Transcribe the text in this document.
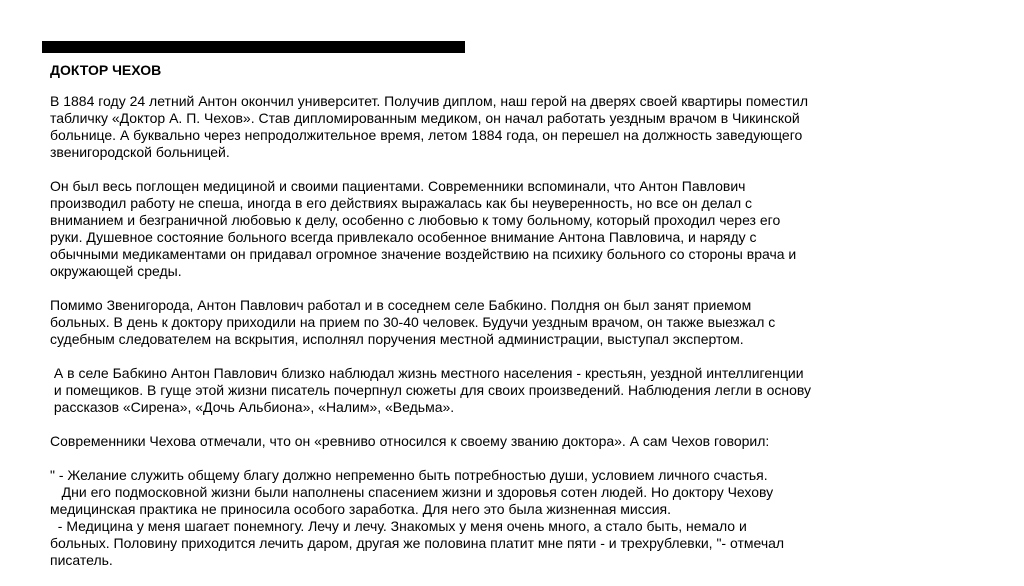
ДОКТОР ЧЕХОВ
В 1884 году 24 летний Антон окончил университет. Получив диплом, наш герой на дверях своей квартиры поместил
табличку «Доктор А. П. Чехов». Став дипломированным медиком, он начал работать уездным врачом в Чикинской
больнице. А буквально через непродолжительное время, летом 1884 года, он перешел на должность заведующего
звенигородской больницей.
Он был весь поглощен медициной и своими пациентами. Современники вспоминали, что Антон Павлович
производил работу не спеша, иногда в его действиях выражалась как бы неуверенность, но все он делал с
вниманием и безграничной любовью к делу, особенно с любовью к тому больному, который проходил через его
руки. Душевное состояние больного всегда привлекало особенное внимание Антона Павловича, и наряду с
обычными медикаментами он придавал огромное значение воздействию на психику больного со стороны врача и
окружающей среды.
Помимо Звенигорода, Антон Павлович работал и в соседнем селе Бабкино. Полдня он был занят приемом
больных. В день к доктору приходили на прием по 30-40 человек. Будучи уездным врачом, он также выезжал с
судебным следователем на вскрытия, исполнял поручения местной администрации, выступал экспертом.
А в селе Бабкино Антон Павлович близко наблюдал жизнь местного населения - крестьян, уездной интеллигенции
и помещиков. В гуще этой жизни писатель почерпнул сюжеты для своих произведений. Наблюдения легли в основу
рассказов «Сирена», «Дочь Альбиона», «Налим», «Ведьма».
Современники Чехова отмечали, что он «ревниво относился к своему званию доктора». А сам Чехов говорил:
" - Желание служить общему благу должно непременно быть потребностью души, условием личного счастья.
Дни его подмосковной жизни были наполнены спасением жизни и здоровья сотен людей. Но доктору Чехову
медицинская практика не приносила особого заработка. Для него это была жизненная миссия.
- Медицина у меня шагает понемногу. Лечу и лечу. Знакомых у меня очень много, а стало быть, немало и
больных. Половину приходится лечить даром, другая же половина платит мне пяти - и трехрублевки, "- отмечал
писатель.
